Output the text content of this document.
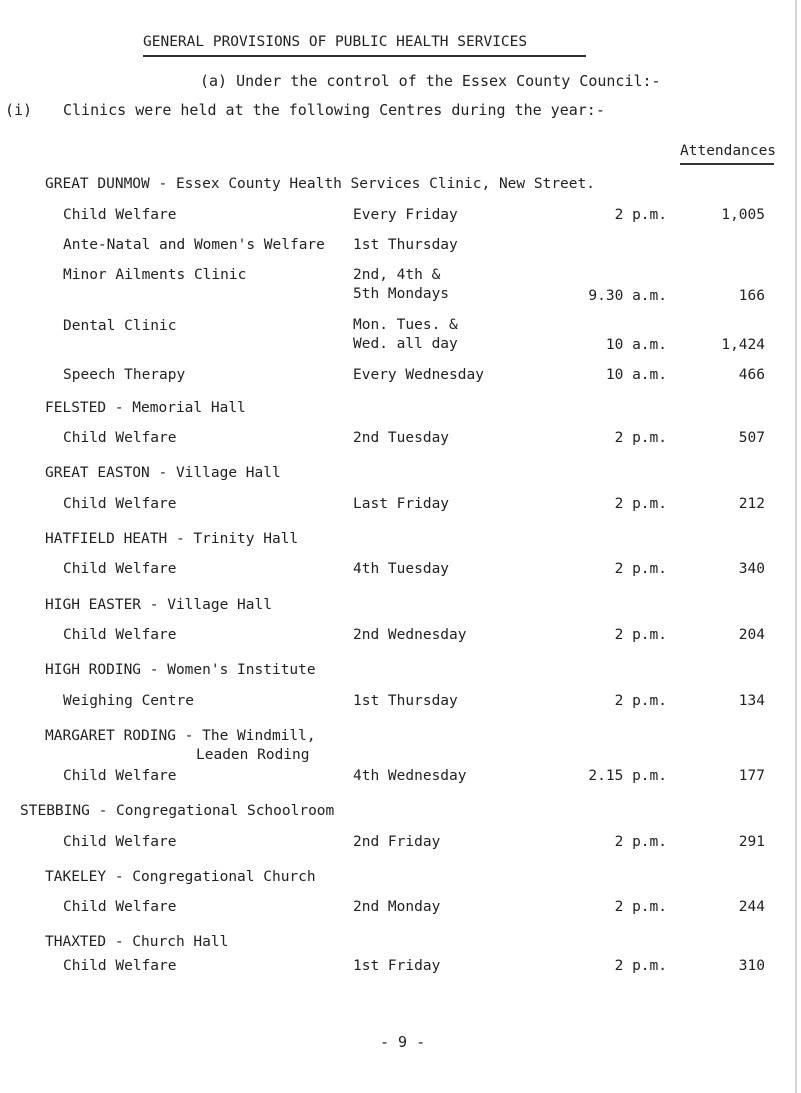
GENERAL PROVISIONS OF PUBLIC HEALTH SERVICES
(a) Under the control of the Essex County Council:-
(i) Clinics were held at the following Centres during the year:-
Attendances
GREAT DUNMOW - Essex County Health Services Clinic, New Street.
Child Welfare	Every Friday	2 p.m.	1,005
Ante-Natal and Women's Welfare 1st Thursday
Minor Ailments Clinic	2nd, 4th &
5th Mondays	9.30 a.m.	166
Dental Clinic	Mon. Tues. &
Wed. all day	10 a.m.	1,424
Speech Therapy	Every Wednesday	10 a.m.	466
FELSTED - Memorial Hall
Child Welfare	2nd Tuesday	2 p.m.	507
GREAT EASTON - Village Hall
Child Welfare	Last Friday	2 p.m.	212
HATFIELD HEATH - Trinity Hall
Child Welfare	4th Tuesday	2 p.m.	340
HIGH EASTER - Village Hall
Child Welfare	2nd Wednesday	2 p.m.	204
HIGH RODING - Women's Institute
Weighing Centre	1st Thursday	2 p.m.	134
MARGARET RODING - The Windmill,
Leaden Roding
Child Welfare	4th Wednesday	2.15 p.m.	177
STEBBING - Congregational Schoolroom
Child Welfare	2nd Friday	2 p.m.	291
TAKELEY - Congregational Church
Child Welfare	2nd Monday	2 p.m.	244
THAXTED - Church Hall
Child Welfare	1st Friday	2 p.m.	310
- 9 -
